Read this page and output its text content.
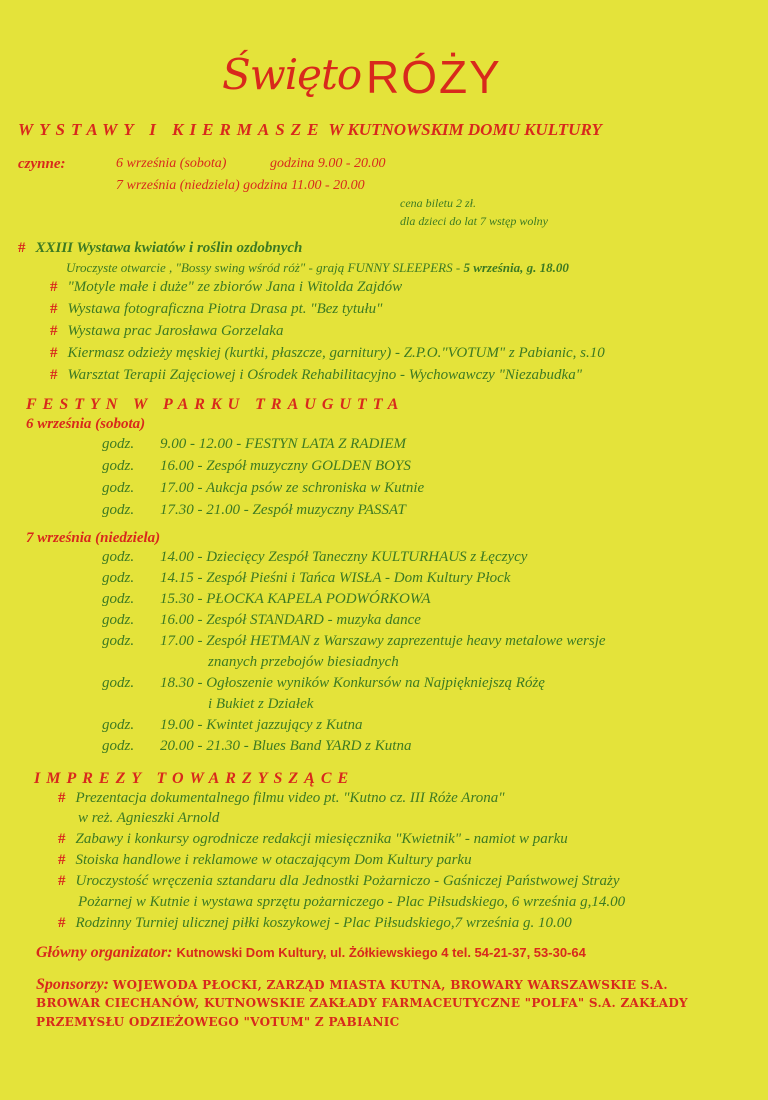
Święto RÓŻY
WYSTAWY I KIERMASZE W KUTNOWSKIM DOMU KULTURY
czynne:	6 września (sobota)	godzina 9.00 - 20.00
7 września (niedziela) godzina 11.00 - 20.00
cena biletu 2 zł.
dla dzieci do lat 7 wstęp wolny
# XXIII Wystawa kwiatów i roślin ozdobnych
Uroczyste otwarcie , "Bossy swing wśród róż" - grają FUNNY SLEEPERS - 5 września, g. 18.00
# "Motyle małe i duże" ze zbiorów Jana i Witolda Zajdów
# Wystawa fotograficzna Piotra Drasa pt. "Bez tytułu"
# Wystawa prac Jarosława Gorzelaka
# Kiermasz odzieży męskiej (kurtki, płaszcze, garnitury) - Z.P.O."VOTUM" z Pabianic, s.10
# Warsztat Terapii Zajęciowej i Ośrodek Rehabilitacyjno - Wychowawczy "Niezabudka"
FESTYN W PARKU TRAUGUTTA
6 września (sobota)
godz. 9.00 - 12.00 - FESTYN LATA Z RADIEM
godz. 16.00 - Zespół muzyczny GOLDEN BOYS
godz. 17.00 - Aukcja psów ze schroniska w Kutnie
godz. 17.30 - 21.00 - Zespół muzyczny PASSAT
7 września (niedziela)
godz. 14.00 - Dziecięcy Zespół Taneczny KULTURHAUS z Łęczycy
godz. 14.15 - Zespół Pieśni i Tańca WISŁA - Dom Kultury Płock
godz. 15.30 - PŁOCKA KAPELA PODWÓRKOWA
godz. 16.00 - Zespół STANDARD - muzyka dance
godz. 17.00 - Zespół HETMAN z Warszawy zaprezentuje heavy metalowe wersje
znanych przebojów biesiadnych
godz. 18.30 - Ogłoszenie wyników Konkursów na Najpiękniejszą Różę
i Bukiet z Działek
godz. 19.00 - Kwintet jazzujący z Kutna
godz. 20.00 - 21.30 - Blues Band YARD z Kutna
IMPREZY TOWARZYSZĄCE
# Prezentacja dokumentalnego filmu video pt. "Kutno cz. III Róże Arona"
w reż. Agnieszki Arnold
# Zabawy i konkursy ogrodnicze redakcji miesięcznika "Kwietnik" - namiot w parku
# Stoiska handlowe i reklamowe w otaczającym Dom Kultury parku
# Uroczystość wręczenia sztandaru dla Jednostki Pożarniczo - Gaśniczej Państwowej Straży
Pożarnej w Kutnie i wystawa sprzętu pożarniczego - Plac Piłsudskiego, 6 września g,14.00
# Rodzinny Turniej ulicznej piłki koszykowej - Plac Piłsudskiego,7 września g. 10.00
Główny organizator: Kutnowski Dom Kultury, ul. Żółkiewskiego 4 tel. 54-21-37, 53-30-64
Sponsorzy: WOJEWODA PŁOCKI, ZARZĄD MIASTA KUTNA, BROWARY WARSZAWSKIE S.A.
BROWAR CIECHANÓW, KUTNOWSKIE ZAKŁADY FARMACEUTYCZNE "POLFA" S.A. ZAKŁADY
PRZEMYSŁU ODZIEŻOWEGO "VOTUM" Z PABIANIC
